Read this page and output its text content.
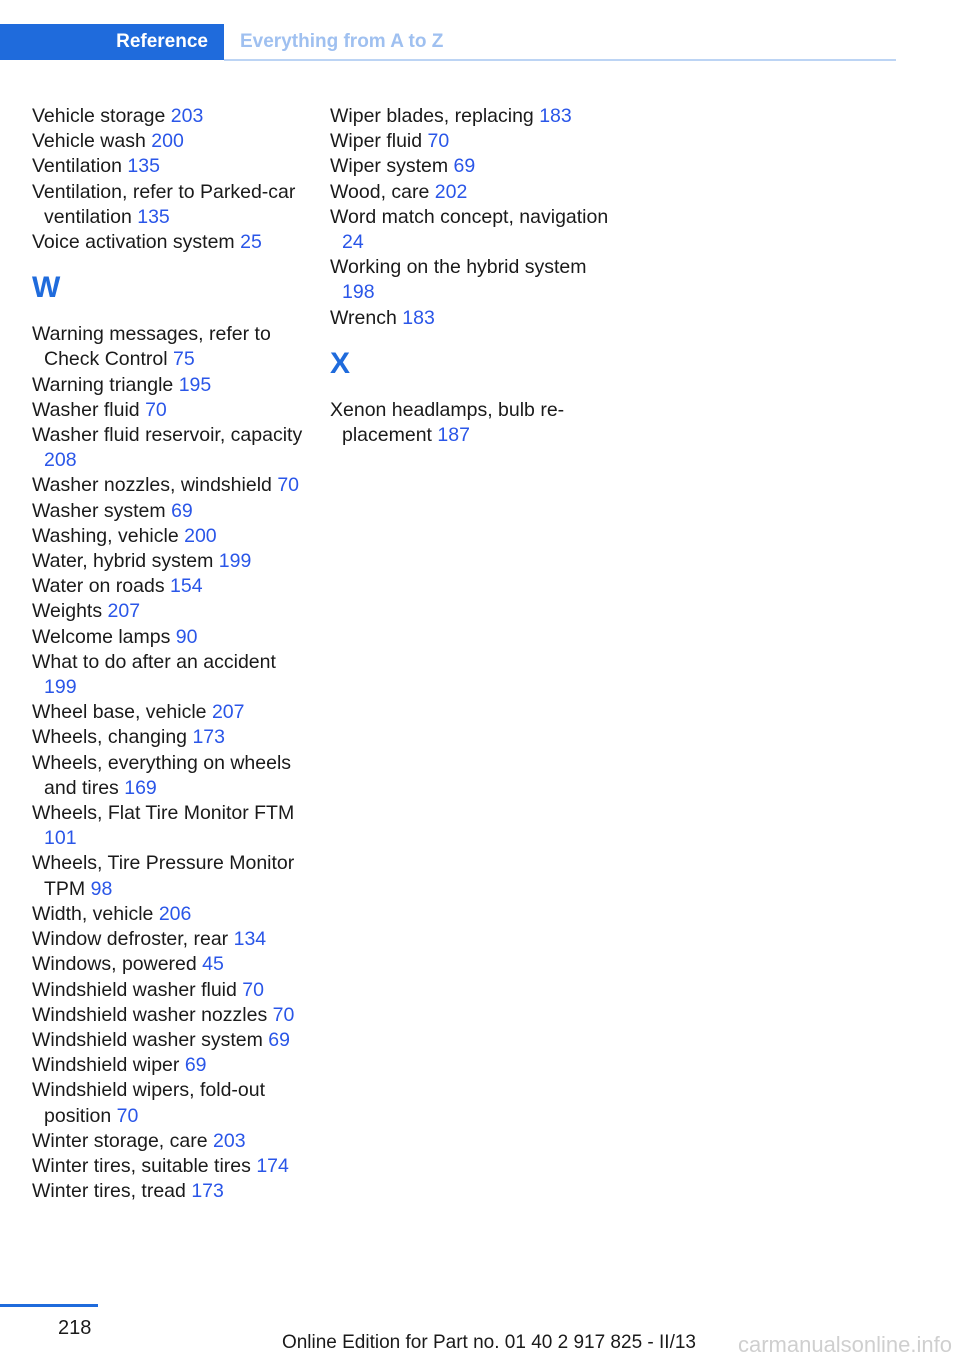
Reference	Everything from A to Z

Vehicle storage 203

Vehicle wash 200

Ventilation 135

Ventilation, refer to Parked-car ventilation 135

Voice activation system 25

W

Warning messages, refer to Check Control 75

Warning triangle 195

Washer fluid 70

Washer fluid reservoir, capacity 208

Washer nozzles, windshield 70

Washer system 69

Washing, vehicle 200

Water, hybrid system 199

Water on roads 154

Weights 207

Welcome lamps 90

What to do after an accident 199

Wheel base, vehicle 207

Wheels, changing 173

Wheels, everything on wheels and tires 169

Wheels, Flat Tire Monitor FTM 101

Wheels, Tire Pressure Monitor TPM 98

Width, vehicle 206

Window defroster, rear 134

Windows, powered 45

Windshield washer fluid 70

Windshield washer nozzles 70

Windshield washer system 69

Windshield wiper 69

Windshield wipers, fold-out position 70

Winter storage, care 203

Winter tires, suitable tires 174

Winter tires, tread 173

Wiper blades, replacing 183

Wiper fluid 70

Wiper system 69

Wood, care 202

Word match concept, navigation 24

Working on the hybrid system 198

Wrench 183

X

Xenon headlamps, bulb replacement 187

218
Online Edition for Part no. 01 40 2 917 825 - II/13 carmanualsonline.info
